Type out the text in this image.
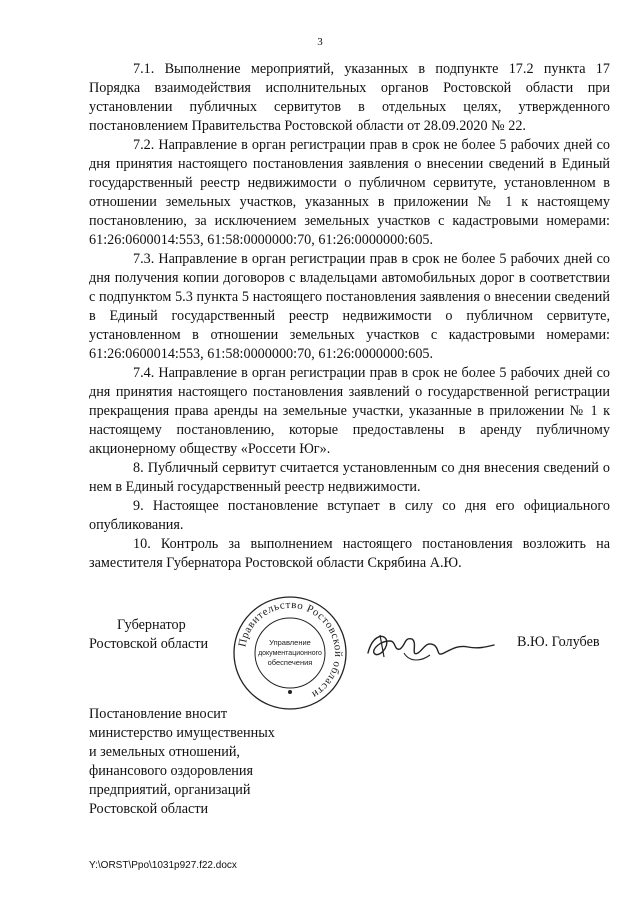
3

7.1. Выполнение мероприятий, указанных в подпункте 17.2 пункта 17 Порядка взаимодействия исполнительных органов Ростовской области при установлении публичных сервитутов в отдельных целях, утвержденного постановлением Правительства Ростовской области от 28.09.2020 № 22.

7.2. Направление в орган регистрации прав в срок не более 5 рабочих дней со дня принятия настоящего постановления заявления о внесении сведений в Единый государственный реестр недвижимости о публичном сервитуте, установленном в отношении земельных участков, указанных в приложении № 1 к настоящему постановлению, за исключением земельных участков с кадастровыми номерами: 61:26:0600014:553, 61:58:0000000:70, 61:26:0000000:605.

7.3. Направление в орган регистрации прав в срок не более 5 рабочих дней со дня получения копии договоров с владельцами автомобильных дорог в соответствии с подпунктом 5.3 пункта 5 настоящего постановления заявления о внесении сведений в Единый государственный реестр недвижимости о публичном сервитуте, установленном в отношении земельных участков с кадастровыми номерами: 61:26:0600014:553, 61:58:0000000:70, 61:26:0000000:605.

7.4. Направление в орган регистрации прав в срок не более 5 рабочих дней со дня принятия настоящего постановления заявлений о государственной регистрации прекращения права аренды на земельные участки, указанные в приложении № 1 к настоящему постановлению, которые предоставлены в аренду публичному акционерному обществу «Россети Юг».

8. Публичный сервитут считается установленным со дня внесения сведений о нем в Единый государственный реестр недвижимости.

9. Настоящее постановление вступает в силу со дня его официального опубликования.

10. Контроль за выполнением настоящего постановления возложить на заместителя Губернатора Ростовской области Скрябина А.Ю.

Губернатор
Ростовской области	Правительство Ростовской области
Управление
документационного
обеспечения
В.Ю. Голубев
Постановление вносит
министерство имущественных
и земельных отношений,
финансового оздоровления
предприятий, организаций
Ростовской области
Y:\ORST\Ppo\1031p927.f22.docx
